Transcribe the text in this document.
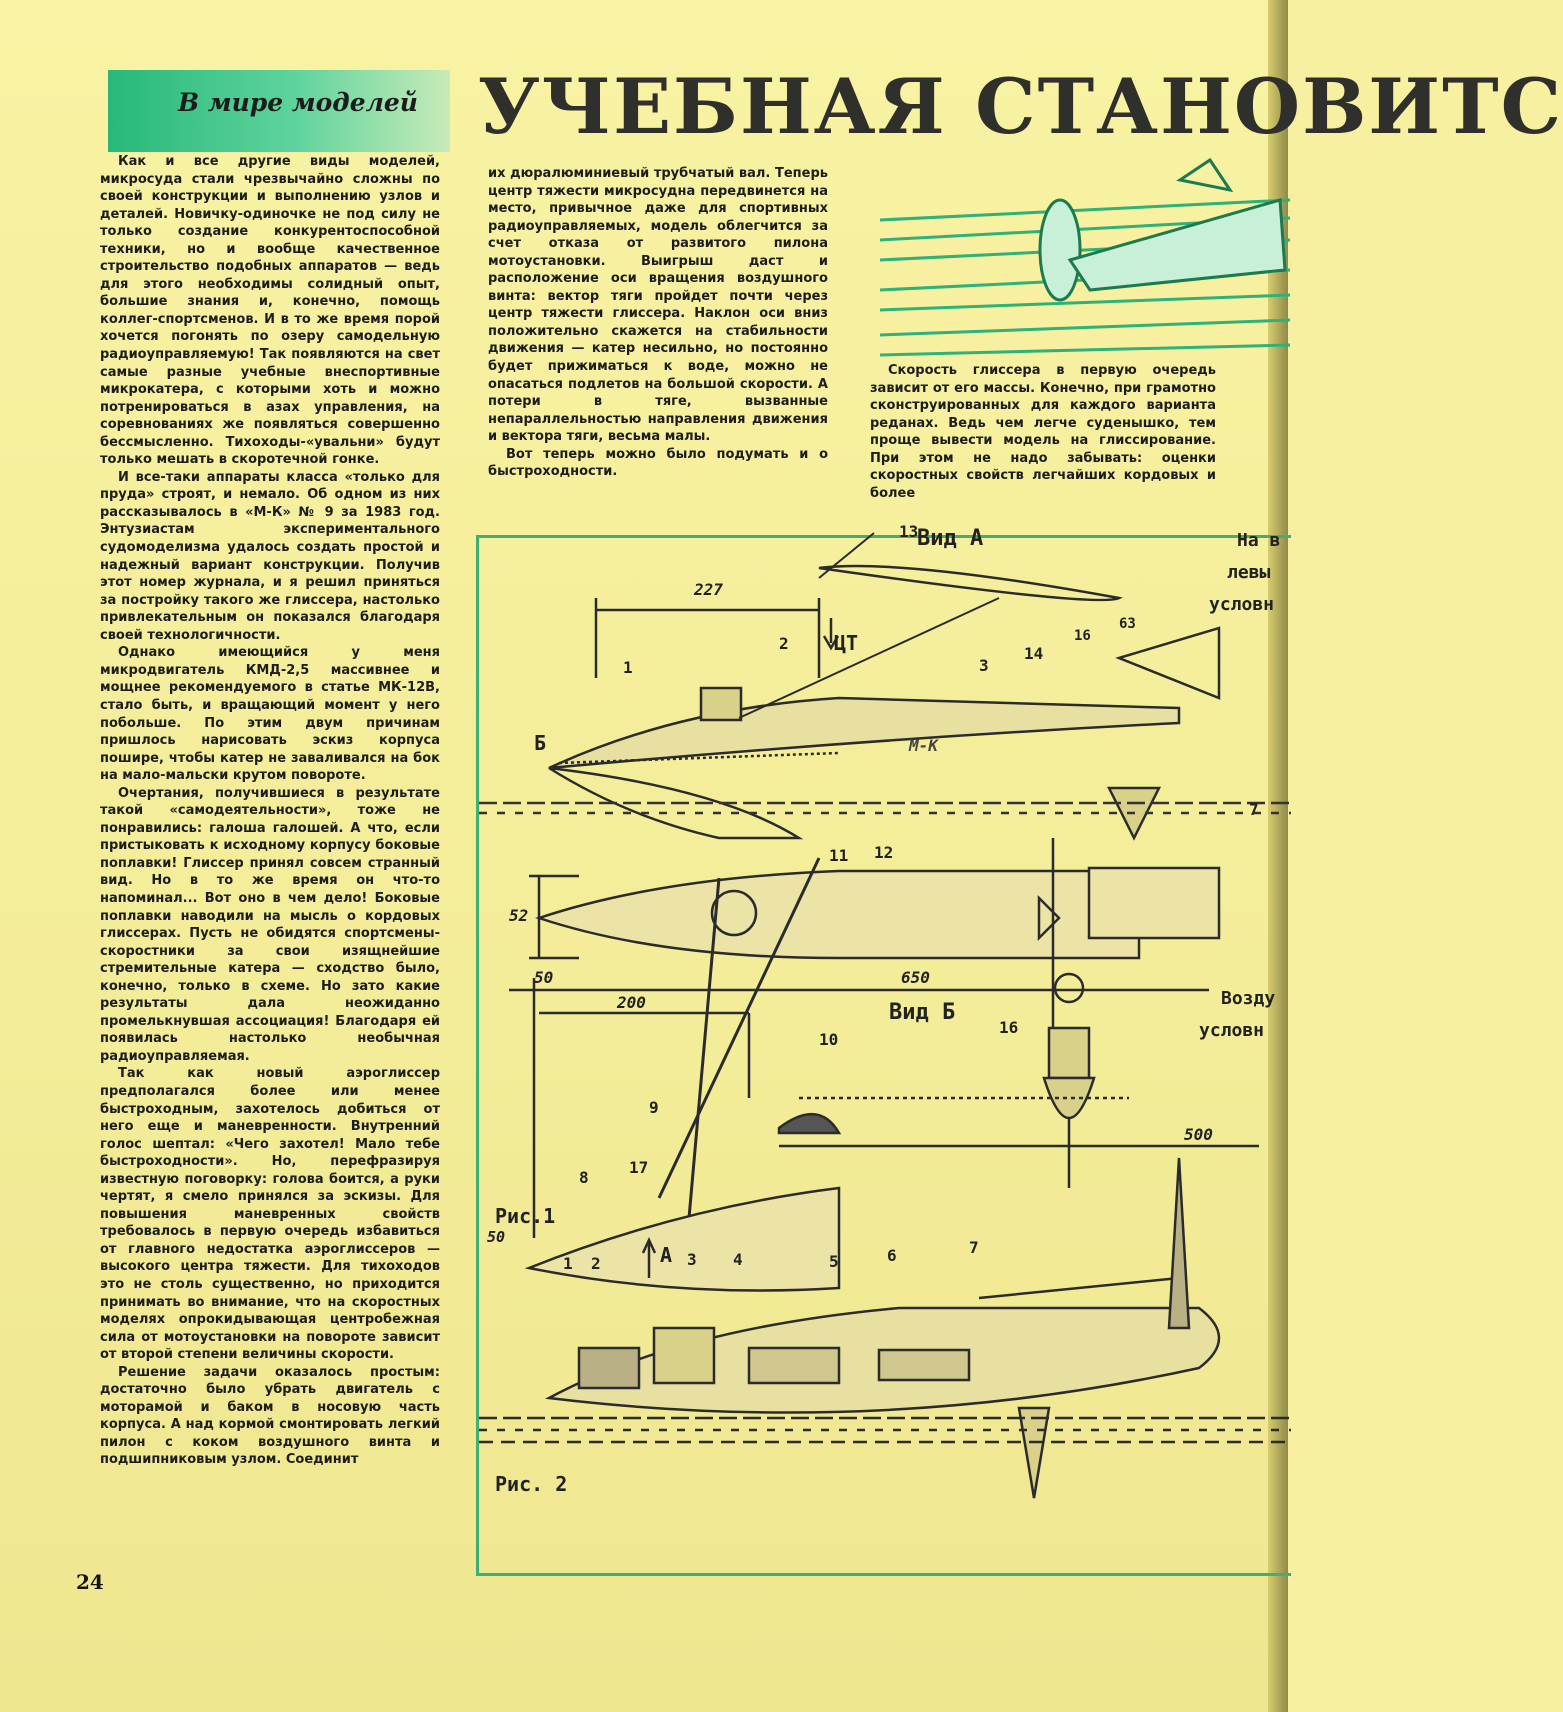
В мире моделей УЧЕБНАЯ СТАНОВИТС

Как и все другие виды моделей, микросуда стали чрезвычайно сложны по своей конструкции и выполнению узлов и деталей. Новичку-одиночке не под силу не только создание конкурентоспособной техники, но и вообще качественное строительство подобных аппаратов — ведь для этого необходимы солидный опыт, большие знания и, конечно, помощь коллег-спортсменов. И в то же время порой хочется погонять по озеру самодельную радиоуправляемую! Так появляются на свет самые разные учебные внеспортивные микрокатера, с которыми хоть и можно потренироваться в азах управления, на соревнованиях же появляться совершенно бессмысленно. Тихоходы-«увальни» будут только мешать в скоротечной гонке.

И все-таки аппараты класса «только для пруда» строят, и немало. Об одном из них рассказывалось в «М-К» № 9 за 1983 год. Энтузиастам экспериментального судомоделизма удалось создать простой и надежный вариант конструкции. Получив этот номер журнала, и я решил приняться за постройку такого же глиссера, настолько привлекательным он показался благодаря своей технологичности.

Однако имеющийся у меня микродвигатель КМД-2,5 массивнее и мощнее рекомендуемого в статье МК-12В, стало быть, и вращающий момент у него побольше. По этим двум причинам пришлось нарисовать эскиз корпуса пошире, чтобы катер не заваливался на бок на мало-мальски крутом повороте.

Очертания, получившиеся в результате такой «самодеятельности», тоже не понравились: галоша галошей. А что, если пристыковать к исходному корпусу боковые поплавки! Глиссер принял совсем странный вид. Но в то же время он что-то напоминал... Вот оно в чем дело! Боковые поплавки наводили на мысль о кордовых глиссерах. Пусть не обидятся спортсмены-скоростники за свои изящнейшие стремительные катера — сходство было, конечно, только в схеме. Но зато какие результаты дала неожиданно промелькнувшая ассоциация! Благодаря ей появилась настолько необычная радиоуправляемая.

Так как новый аэроглиссер предполагался более или менее быстроходным, захотелось добиться от него еще и маневренности. Внутренний голос шептал: «Чего захотел! Мало тебе быстроходности». Но, перефразируя известную поговорку: голова боится, а руки чертят, я смело принялся за эскизы. Для повышения маневренных свойств требовалось в первую очередь избавиться от главного недостатка аэроглиссеров — высокого центра тяжести. Для тихоходов это не столь существенно, но приходится принимать во внимание, что на скоростных моделях опрокидывающая центробежная сила от мотоустановки на повороте зависит от второй степени величины скорости.

Решение задачи оказалось простым: достаточно было убрать двигатель с моторамой и баком в носовую часть корпуса. А над кормой смонтировать легкий пилон с коком воздушного винта и подшипниковым узлом. Соединит

их дюралюминиевый трубчатый вал. Теперь центр тяжести микросудна передвинется на место, привычное даже для спортивных радиоуправляемых, модель облегчится за счет отказа от развитого пилона мотоустановки. Выигрыш даст и расположение оси вращения воздушного винта: вектор тяги пройдет почти через центр тяжести глиссера. Наклон оси вниз положительно скажется на стабильности движения — катер несильно, но постоянно будет прижиматься к воде, можно не опасаться подлетов на большой скорости. А потери в тяге, вызванные непараллельностью направления движения и вектора тяги, весьма малы.

Вот теперь можно было подумать и о быстроходности.

Скорость глиссера в первую очередь зависит от его массы. Конечно, при грамотно сконструированных для каждого варианта реданах. Ведь чем легче суденышко, тем проще вывести модель на глиссирование. При этом не надо забывать: оценки скоростных свойств легчайших кордовых и более

Вид А
Вид Б
ЦТ
Б
А
Рис.1
Рис. 2
227
16
63
52
50	650
200
50
500
М-К
На в
левы
условн
Возду
условн
1
2
3
7
8
9
10
11 12
13
14
16
17
1 2	3 4	5	6	7
24
